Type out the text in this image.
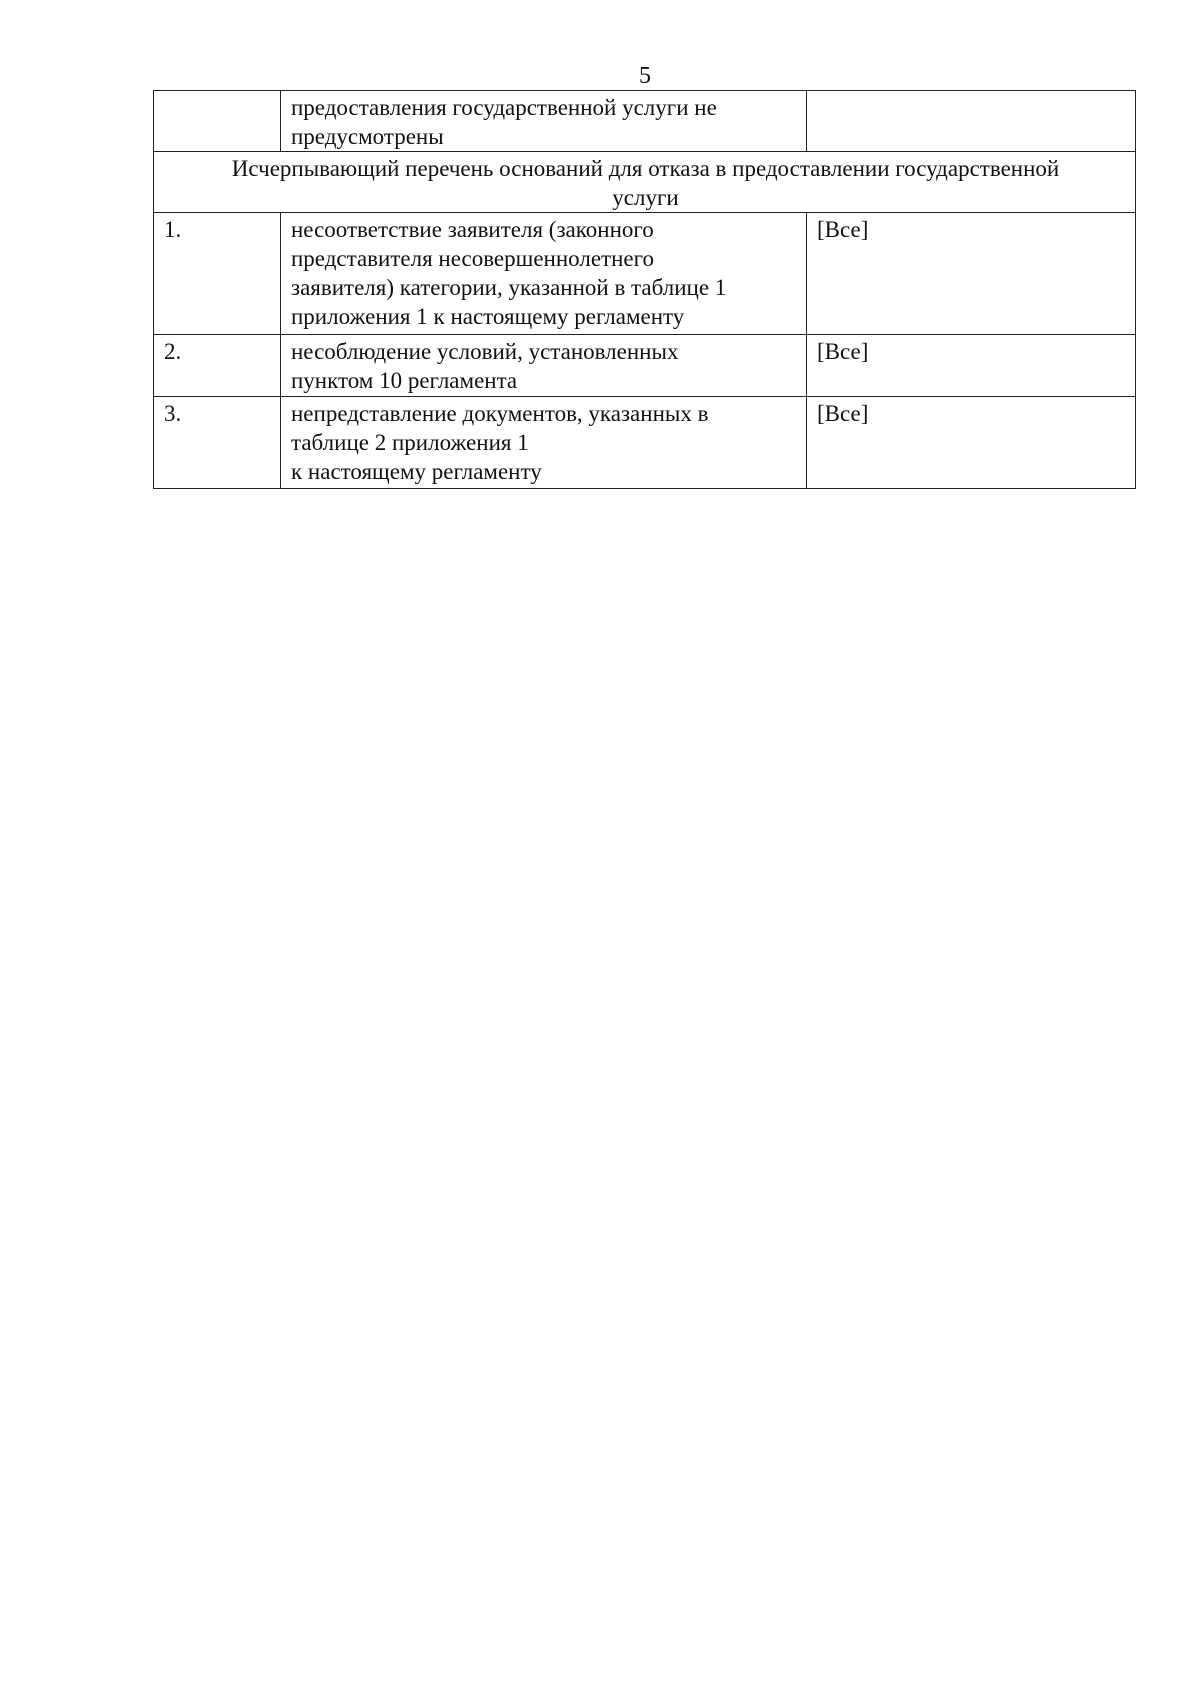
5

	предоставления государственной услуги не
предусмотрены	

Исчерпывающий перечень оснований для отказа в предоставлении государственной
услуги		

1.	несоответствие заявителя (законного
представителя несовершеннолетнего
заявителя) категории, указанной в таблице 1
приложения 1 к настоящему регламенту	[Все]
2.	несоблюдение условий, установленных
пунктом 10 регламента	[Все]
3.	непредставление документов, указанных в
таблице 2 приложения 1
к настоящему регламенту	[Все]
